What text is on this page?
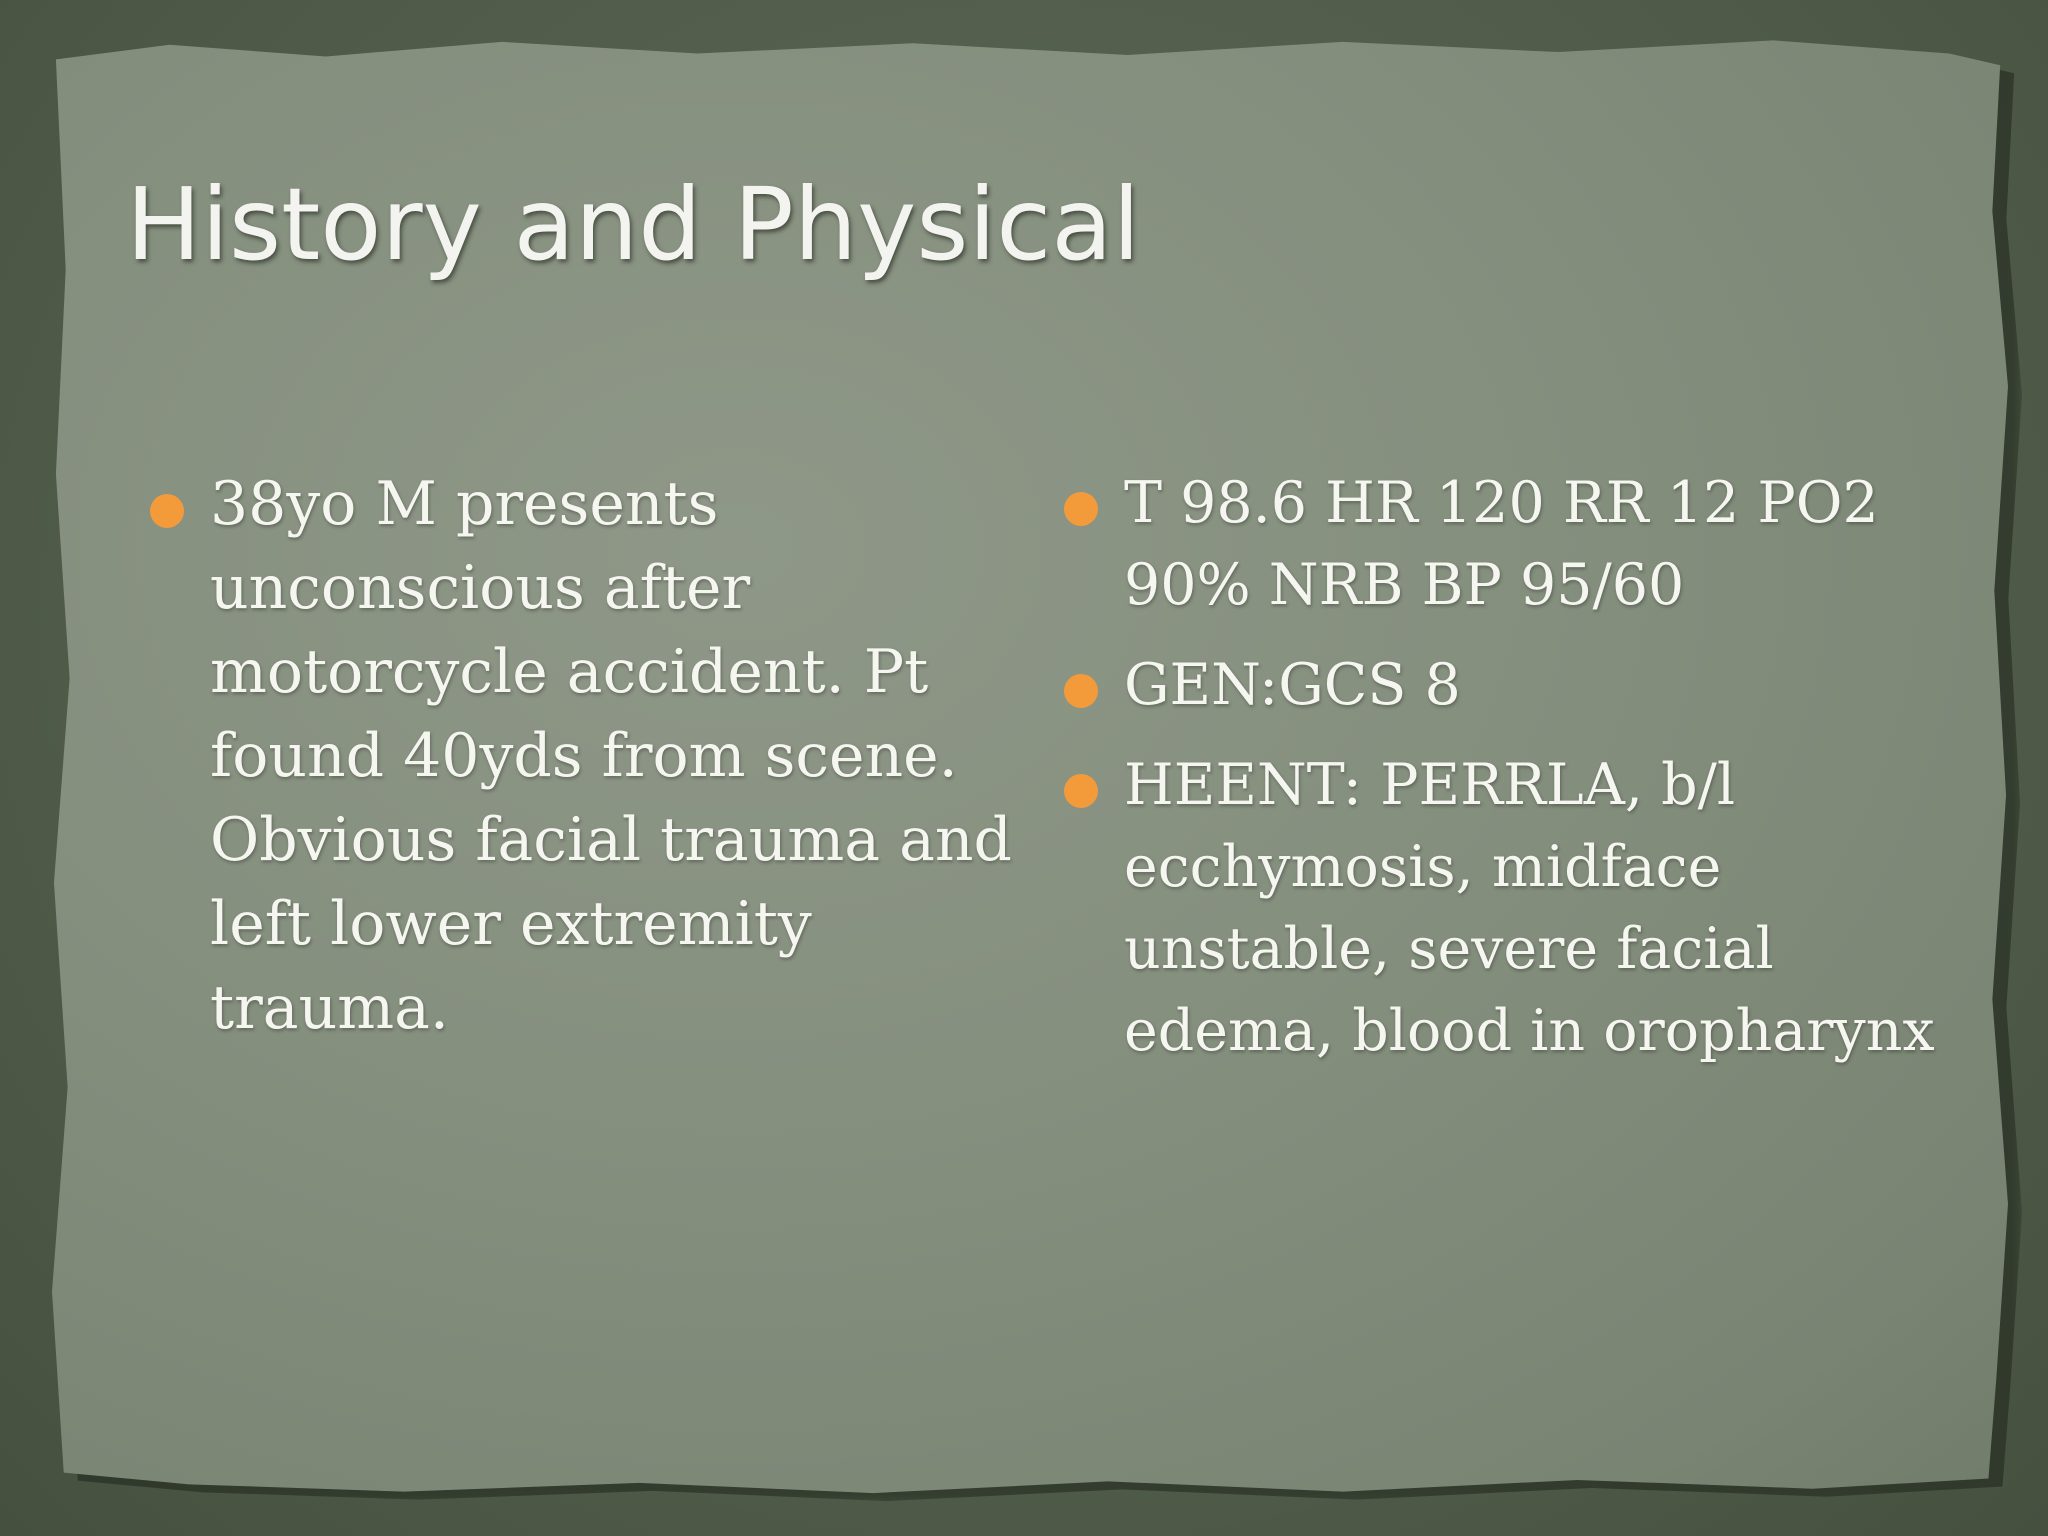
History and Physical
38yo M presents unconscious after motorcycle accident. Pt found 40yds from scene. Obvious facial trauma and left lower extremity trauma.
T 98.6 HR 120 RR 12 PO2 90% NRB BP 95/60
GEN:GCS 8
HEENT: PERRLA, b/l ecchymosis, midface unstable, severe facial edema, blood in oropharynx
